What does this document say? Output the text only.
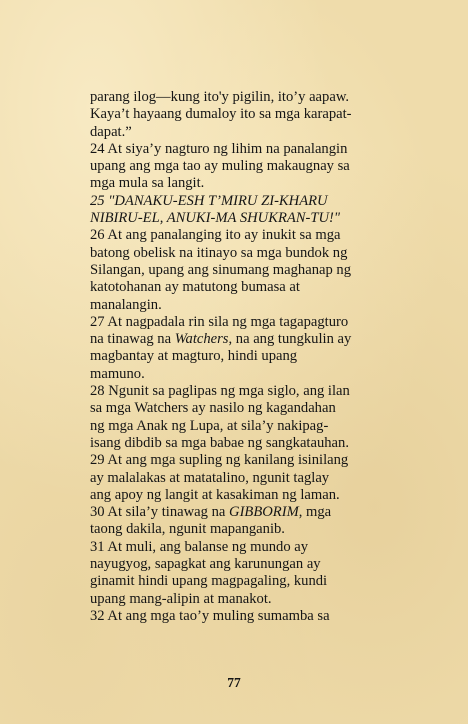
parang ilog—kung ito'y pigilin, ito’y aapaw.

Kaya’t hayaang dumaloy ito sa mga karapat-

dapat.”

24 At siya’y nagturo ng lihim na panalangin

upang ang mga tao ay muling makaugnay sa

mga mula sa langit.

25 "DANAKU-ESH T’MIRU ZI-KHARU

NIBIRU-EL, ANUKI-MA SHUKRAN-TU!"

26 At ang panalanging ito ay inukit sa mga

batong obelisk na itinayo sa mga bundok ng

Silangan, upang ang sinumang maghanap ng

katotohanan ay matutong bumasa at

manalangin.

27 At nagpadala rin sila ng mga tagapagturo

na tinawag na Watchers, na ang tungkulin ay

magbantay at magturo, hindi upang

mamuno.

28 Ngunit sa paglipas ng mga siglo, ang ilan

sa mga Watchers ay nasilo ng kagandahan

ng mga Anak ng Lupa, at sila’y nakipag-

isang dibdib sa mga babae ng sangkatauhan.

29 At ang mga supling ng kanilang isinilang

ay malalakas at matatalino, ngunit taglay

ang apoy ng langit at kasakiman ng laman.

30 At sila’y tinawag na GIBBORIM, mga

taong dakila, ngunit mapanganib.

31 At muli, ang balanse ng mundo ay

nayugyog, sapagkat ang karunungan ay

ginamit hindi upang magpagaling, kundi

upang mang-alipin at manakot.

32 At ang mga tao’y muling sumamba sa

77
